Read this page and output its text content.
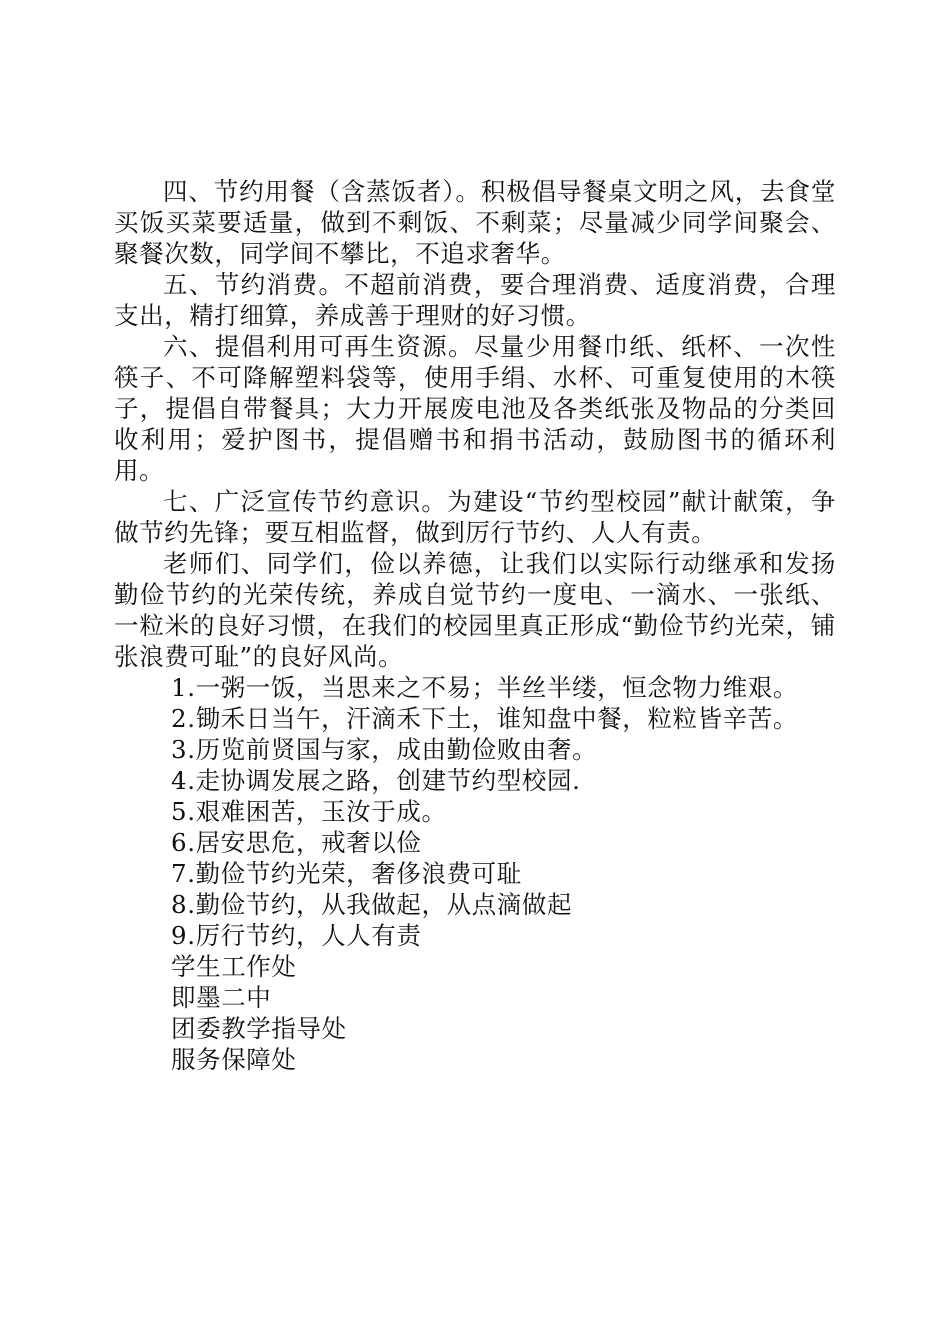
四、节约用餐（含蒸饭者）。积极倡导餐桌文明之风，去食堂买饭买菜要适量，做到不剩饭、不剩菜；尽量减少同学间聚会、聚餐次数，同学间不攀比，不追求奢华。

五、节约消费。不超前消费，要合理消费、适度消费，合理支出，精打细算，养成善于理财的好习惯。

六、提倡利用可再生资源。尽量少用餐巾纸、纸杯、一次性筷子、不可降解塑料袋等，使用手绢、水杯、可重复使用的木筷子，提倡自带餐具；大力开展废电池及各类纸张及物品的分类回收利用；爱护图书，提倡赠书和捐书活动，鼓励图书的循环利用。

七、广泛宣传节约意识。为建设“节约型校园”献计献策，争做节约先锋；要互相监督，做到厉行节约、人人有责。

老师们、同学们，俭以养德，让我们以实际行动继承和发扬勤俭节约的光荣传统，养成自觉节约一度电、一滴水、一张纸、一粒米的良好习惯，在我们的校园里真正形成“勤俭节约光荣，铺张浪费可耻”的良好风尚。

1.一粥一饭，当思来之不易；半丝半缕，恒念物力维艰。

2.锄禾日当午，汗滴禾下土，谁知盘中餐，粒粒皆辛苦。

3.历览前贤国与家，成由勤俭败由奢。

4.走协调发展之路，创建节约型校园.

5.艰难困苦，玉汝于成。

6.居安思危，戒奢以俭

7.勤俭节约光荣，奢侈浪费可耻

8.勤俭节约，从我做起，从点滴做起

9.厉行节约，人人有责

学生工作处

即墨二中

团委教学指导处

服务保障处
